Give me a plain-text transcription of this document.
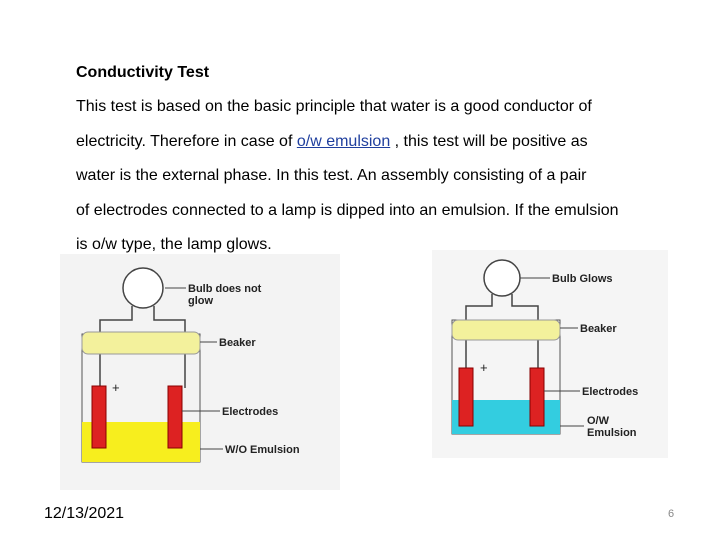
Conductivity Test

This test is based on the basic principle that water is a good conductor of

electricity. Therefore in case of o/w emulsion , this test will be positive as

water is the external phase. In this test. An assembly consisting of a pair

of electrodes connected to a lamp is dipped into an emulsion. If the emulsion

is o/w type, the lamp glows.

+
Bulb does not
glow
Beaker
Electrodes
W/O Emulsion
+
Bulb Glows
Beaker
Electrodes
O/W
Emulsion
12/13/2021	6
